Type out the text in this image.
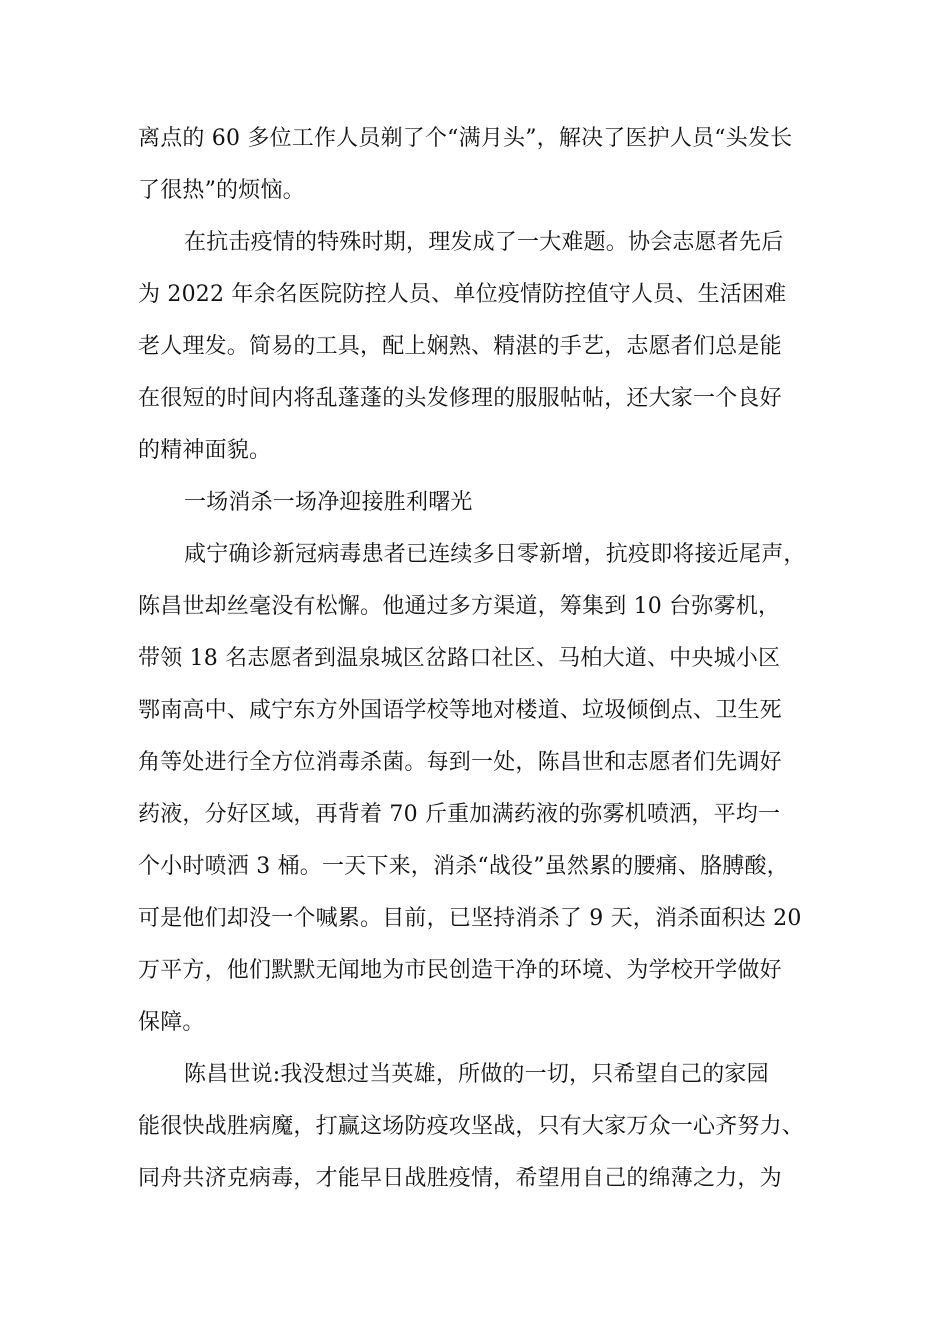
离点的 60 多位工作人员剃了个“满月头”，解决了医护人员“头发长
了很热”的烦恼。
在抗击疫情的特殊时期，理发成了一大难题。协会志愿者先后
为 2022 年余名医院防控人员、单位疫情防控值守人员、生活困难
老人理发。简易的工具，配上娴熟、精湛的手艺，志愿者们总是能
在很短的时间内将乱蓬蓬的头发修理的服服帖帖，还大家一个良好
的精神面貌。
一场消杀一场净迎接胜利曙光
咸宁确诊新冠病毒患者已连续多日零新增，抗疫即将接近尾声，
陈昌世却丝毫没有松懈。他通过多方渠道，筹集到 10 台弥雾机，
带领 18 名志愿者到温泉城区岔路口社区、马柏大道、中央城小区
鄂南高中、咸宁东方外国语学校等地对楼道、垃圾倾倒点、卫生死
角等处进行全方位消毒杀菌。每到一处，陈昌世和志愿者们先调好
药液，分好区域，再背着 70 斤重加满药液的弥雾机喷洒，平均一
个小时喷洒 3 桶。一天下来，消杀“战役”虽然累的腰痛、胳膊酸，
可是他们却没一个喊累。目前，已坚持消杀了 9 天，消杀面积达 20
万平方，他们默默无闻地为市民创造干净的环境、为学校开学做好
保障。
陈昌世说:我没想过当英雄，所做的一切，只希望自己的家园
能很快战胜病魔，打赢这场防疫攻坚战，只有大家万众一心齐努力、
同舟共济克病毒，才能早日战胜疫情，希望用自己的绵薄之力，为
